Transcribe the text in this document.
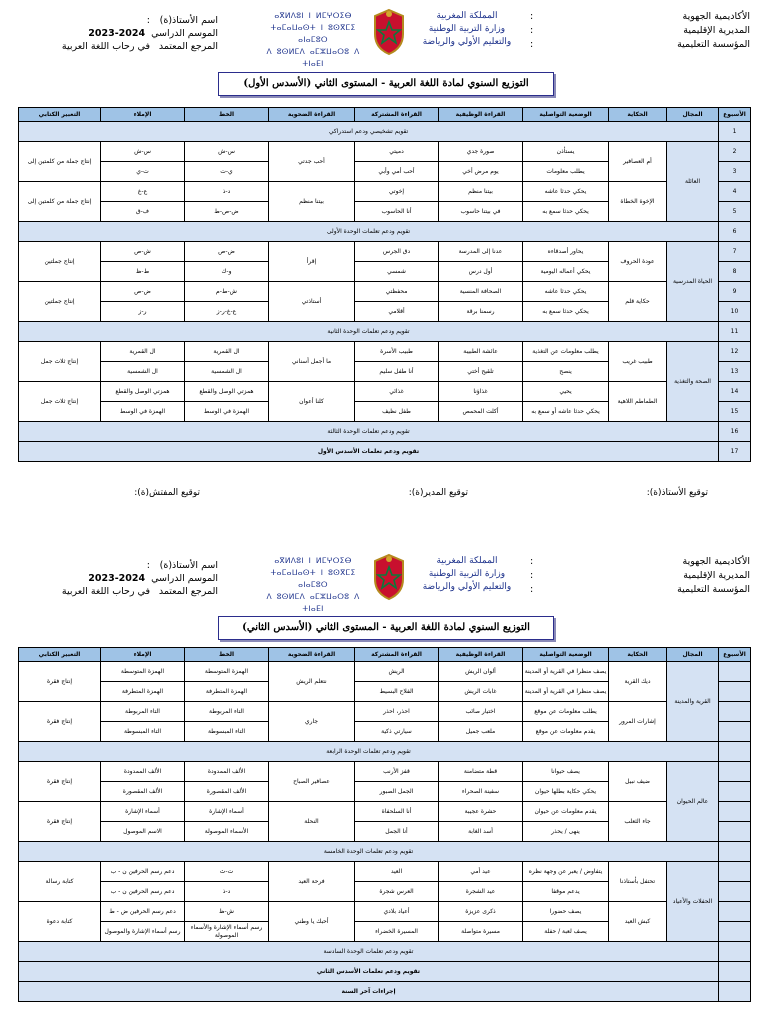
الأكاديمية الجهوية
:
المديرية الإقليمية
:
المؤسسة التعليمية
:
ⴰⴳⵍⴷⵓⵏ ⵏ ⵍⵎⵖⵔⵉⴱ
ⵜⴰⵎⴰⵡⴰⵙⵜ ⵏ ⵓⵙⴳⵎⵉ ⴰⵏⴰⵎⵓⵔ
ⴷ ⵓⵙⵍⵎⴷ ⴰⵎⵣⵡⴰⵔⵓ ⴷ ⵜⵏⴰⴹⵏ
المملكة المغربية
وزارة التربية الوطنية
والتعليم الأولي والرياضة
اسم الأستاذ(ة)
:
الموسم الدراسي
2023-2024
المرجع المعتمد
في رحاب اللغة العربية
التوزيع السنوي لمادة اللغة العربية - المستوى الثاني (الأسدس الأول)
الأسبوع	المجال	الحكاية	الوضعية التواصلية	القراءة الوظيفية	القراءة المشتركة	القراءة الضحوية	الخط	الإملاء	التعبير الكتابي
1	تقويم تشخيصي ودعم استدراكي								
2	العائلة	أم العصافير	يستأذن	صورة جدي	دميتي	أحب جدتي	س-ش	س-ش	إنتاج جملة من كلمتين إلى
3			يطلب معلومات	يوم مرض أخي	أحب أمي وأبي		ي-ت	ت-ي	
4		الإخوة الخطاة	يحكي حدثا عاشه	بيتنا منظم	إخوتي	بيتنا منظم	د-ذ	ع-غ	إنتاج جملة من كلمتين إلى
5			يحكي حدثا سمع به	في بيتنا حاسوب	أنا الحاسوب		ض-ص-ط	ف-ق	
6	تقويم ودعم تعلمات الوحدة الأولى								
7	الحياة المدرسية	عودة الحروف	يحاور أصدقاءه	عدنا إلى المدرسة	دق الجرس	إقرأ	ض-ص	ش-ص	إنتاج جملتين
8			يحكي أعماله اليومية	أول درس	شمسي		و-ك	ط-ظ	
9		حكاية قلم	يحكي حدثا عاشه	الصحافة المنسية	محفظتي	أستاذتي	ش-ط-م	ض-ص	إنتاج جملتين
10			يحكي حدثا سمع به	رسمنا برقة	أقلامي		ع-غ-ر-ز	ر-ز	
11	تقويم ودعم تعلمات الوحدة الثانية								
12	الصحة والتغذية	طبيب غريب	يطلب معلومات عن التغذية	عائشة الطبيبة	طبيب الأسرة	ما أجمل أسناني	ال القمرية	ال القمرية	إنتاج ثلاث جمل
13			ينصح	تلقيح أختي	أنا طفل سليم		ال الشمسية	ال الشمسية	
14		الطماطم اللاهية	يحيي	غذاؤنا	غذائي	كلنا أعوان	همزتي الوصل والقطع	همزتي الوصل والقطع	إنتاج ثلاث جمل
15			يحكي حدثا عاشه أو سمع به	أكلت المحمص	طفل نظيف		الهمزة في الوسط	الهمزة في الوسط	
16	تقويم ودعم تعلمات الوحدة الثالثة								
17	تقويم ودعم تعلمات الأسدس الأول								
توقيع الأستاذ(ة):
توقيع المدير(ة):
توقيع المفتش(ة):
الأكاديمية الجهوية
:
المديرية الإقليمية
:
المؤسسة التعليمية
:
ⴰⴳⵍⴷⵓⵏ ⵏ ⵍⵎⵖⵔⵉⴱ
ⵜⴰⵎⴰⵡⴰⵙⵜ ⵏ ⵓⵙⴳⵎⵉ ⴰⵏⴰⵎⵓⵔ
ⴷ ⵓⵙⵍⵎⴷ ⴰⵎⵣⵡⴰⵔⵓ ⴷ ⵜⵏⴰⴹⵏ
المملكة المغربية
وزارة التربية الوطنية
والتعليم الأولي والرياضة
اسم الأستاذ(ة)
:
الموسم الدراسي
2023-2024
المرجع المعتمد
في رحاب اللغة العربية
التوزيع السنوي لمادة اللغة العربية - المستوى الثاني (الأسدس الثاني)
الأسبوع	المجال	الحكاية	الوضعية التواصلية	القراءة الوظيفية	القراءة المشتركة	القراءة الضحوية	الخط	الإملاء	التعبير الكتابي
	القرية والمدينة	ديك القرية	يصف منظرا في القرية أو المدينة	ألوان الريش	الريش	نتعلم الريش	الهمزة المتوسطة	الهمزة المتوسطة	إنتاج فقرة
			يصف منظرا في القرية أو المدينة	غابات الريش	الفلاح البسيط		الهمزة المتطرفة	الهمزة المتطرفة	
		إشارات المرور	يطلب معلومات عن موقع	اختيار صائب	احذر، احذر	جاري	التاء المربوطة	التاء المربوطة	إنتاج فقرة
			يقدم معلومات عن موقع	ملعب جميل	سيارتي ذكية		التاء المبسوطة	التاء المبسوطة	
	تقويم ودعم تعلمات الوحدة الرابعة								
	عالم الحيوان	ضيف نبيل	يصف حيوانا	قطة متضامنة	قفز الأرنب	عصافير الصباح	الألف الممدودة	الألف الممدودة	إنتاج فقرة
			يحكي حكاية بطلها حيوان	سفينة الصحراء	الجمل الصبور		الألف المقصورة	الألف المقصورة	
		جاء الثعلب	يقدم معلومات عن حيوان	حشرة عجيبة	أنا السلحفاة	النحلة	أسماء الإشارة	أسماء الإشارة	إنتاج فقرة
			ينهى / يحذر	أسد الغابة	أنا الجمل		الأسماء الموصولة	الاسم الموصول	
	تقويم ودعم تعلمات الوحدة الخامسة								
	الحفلات والأعياد	تحتفل بأستاذنا	يتفاوض / يعبر عن وجهة نظره	عيد أمي	العيد	فرحة العيد	ت-ث	دعم رسم الحرفين ن - ب	كتابة رسالة
			يدعم موقفا	عيد الشجرة	العرس شجرة		د-ذ	دعم رسم الحرفين ن - ب	
		كبش العيد	يصف حضورا	ذكرى عزيزة	أعياد بلادي	أحبك يا وطني	ش-ظ	دعم رسم الحرفين ض - ط	كتابة دعوة
			يصف لعبة / حفلة	مسيرة متواصلة	المسيرة الخضراء		رسم أسماء الإشارة والأسماء الموصولة	رسم أسماء الإشارة والموصول	
	تقويم ودعم تعلمات الوحدة السادسة								
	تقويم ودعم تعلمات الأسدس الثاني								
	إجراءات آخر السنة								
